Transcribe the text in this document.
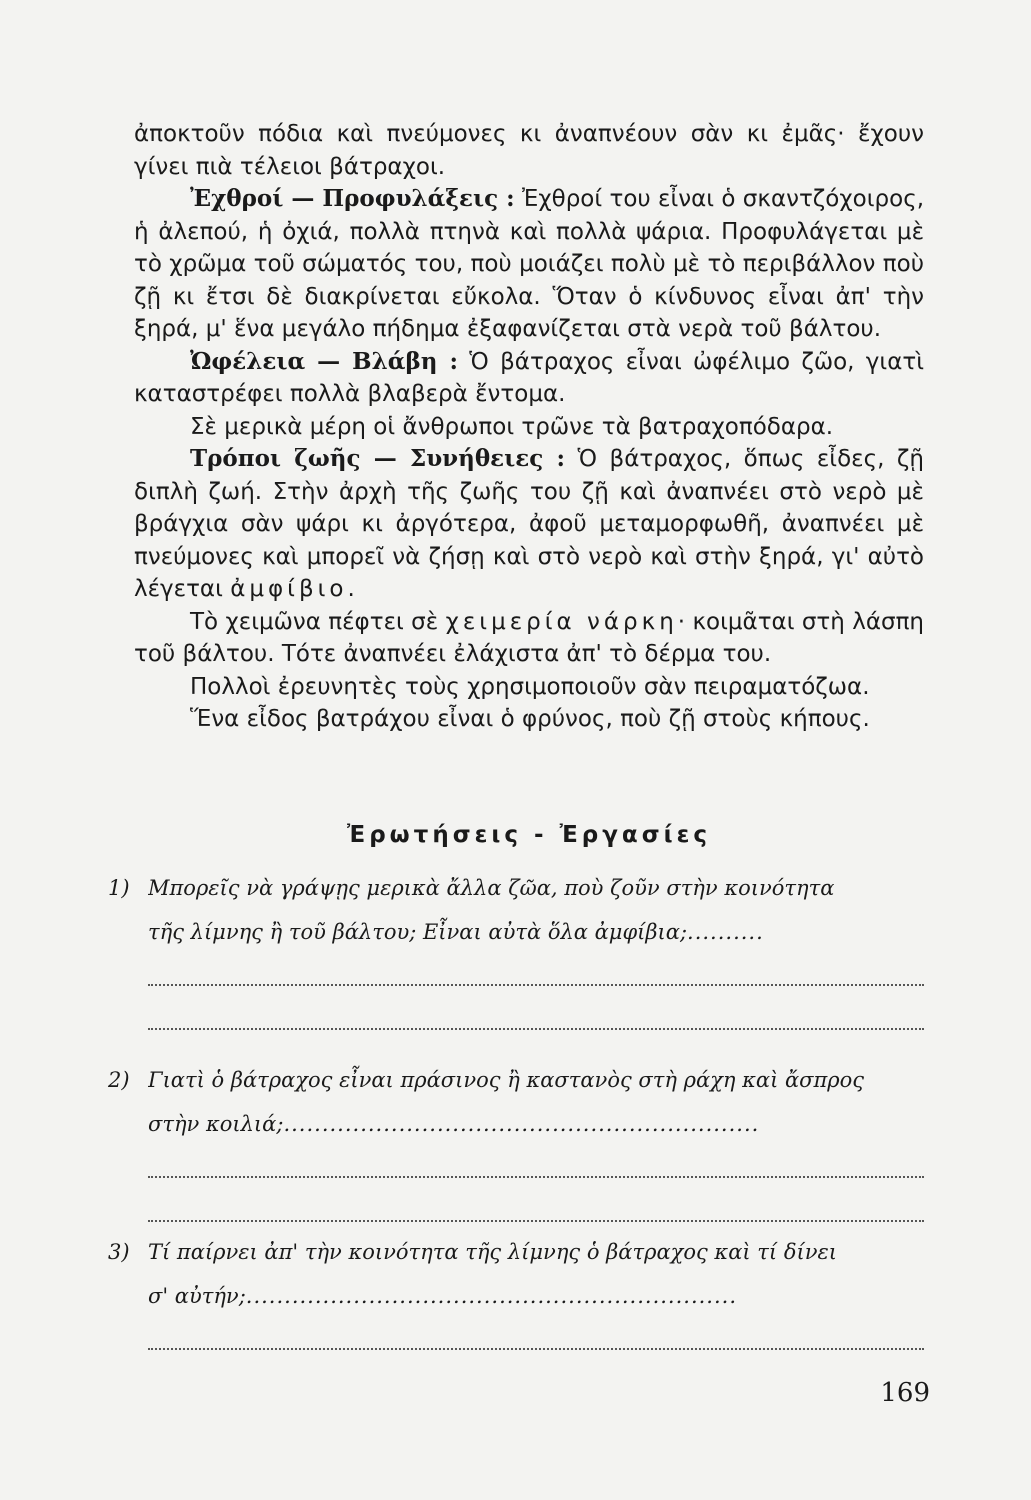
ἀποκτοῦν πόδια καὶ πνεύμονες κι ἀναπνέουν σὰν κι ἐμᾶς· ἔχουν γίνει πιὰ τέλειοι βάτραχοι.

Ἐχθροί — Προφυλάξεις : Ἐχθροί του εἶναι ὁ σκαντζόχοιρος, ἡ ἀλεπού, ἡ ὀχιά, πολλὰ πτηνὰ καὶ πολλὰ ψάρια. Προφυλάγεται μὲ τὸ χρῶμα τοῦ σώματός του, ποὺ μοιάζει πολὺ μὲ τὸ περιβάλλον ποὺ ζῇ κι ἔτσι δὲ διακρίνεται εὔκολα. Ὅταν ὁ κίνδυνος εἶναι ἀπ' τὴν ξηρά, μ' ἕνα μεγάλο πήδημα ἐξαφανίζεται στὰ νερὰ τοῦ βάλτου.

Ὠφέλεια — Βλάβη : Ὁ βάτραχος εἶναι ὠφέλιμο ζῶο, γιατὶ καταστρέφει πολλὰ βλαβερὰ ἔντομα.

Σὲ μερικὰ μέρη οἱ ἄνθρωποι τρῶνε τὰ βατραχοπόδαρα.

Τρόποι ζωῆς — Συνήθειες : Ὁ βάτραχος, ὅπως εἶδες, ζῇ διπλὴ ζωή. Στὴν ἀρχὴ τῆς ζωῆς του ζῇ καὶ ἀναπνέει στὸ νερὸ μὲ βράγχια σὰν ψάρι κι ἀργότερα, ἀφοῦ μεταμορφωθῆ, ἀναπνέει μὲ πνεύμονες καὶ μπορεῖ νὰ ζήσῃ καὶ στὸ νερὸ καὶ στὴν ξηρά, γι' αὐτὸ λέγεται ἀμφίβιο.

Τὸ χειμῶνα πέφτει σὲ χειμερία νάρκη· κοιμᾶται στὴ λάσπη τοῦ βάλτου. Τότε ἀναπνέει ἐλάχιστα ἀπ' τὸ δέρμα του.

Πολλοὶ ἐρευνητὲς τοὺς χρησιμοποιοῦν σὰν πειραματόζωα.

Ἕνα εἶδος βατράχου εἶναι ὁ φρύνος, ποὺ ζῇ στοὺς κήπους.

Ἐρωτήσεις - Ἐργασίες
1) Μπορεῖς νὰ γράψῃς μερικὰ ἄλλα ζῶα, ποὺ ζοῦν στὴν κοινότητα
τῆς λίμνης ἢ τοῦ βάλτου; Εἶναι αὐτὰ ὅλα ἀμφίβια;..........
2) Γιατὶ ὁ βάτραχος εἶναι πράσινος ἢ καστανὸς στὴ ράχη καὶ ἄσπρος
στὴν κοιλιά;..............................................................
3) Τί παίρνει ἀπ' τὴν κοινότητα τῆς λίμνης ὁ βάτραχος καὶ τί δίνει
σ' αὐτήν;................................................................
169
